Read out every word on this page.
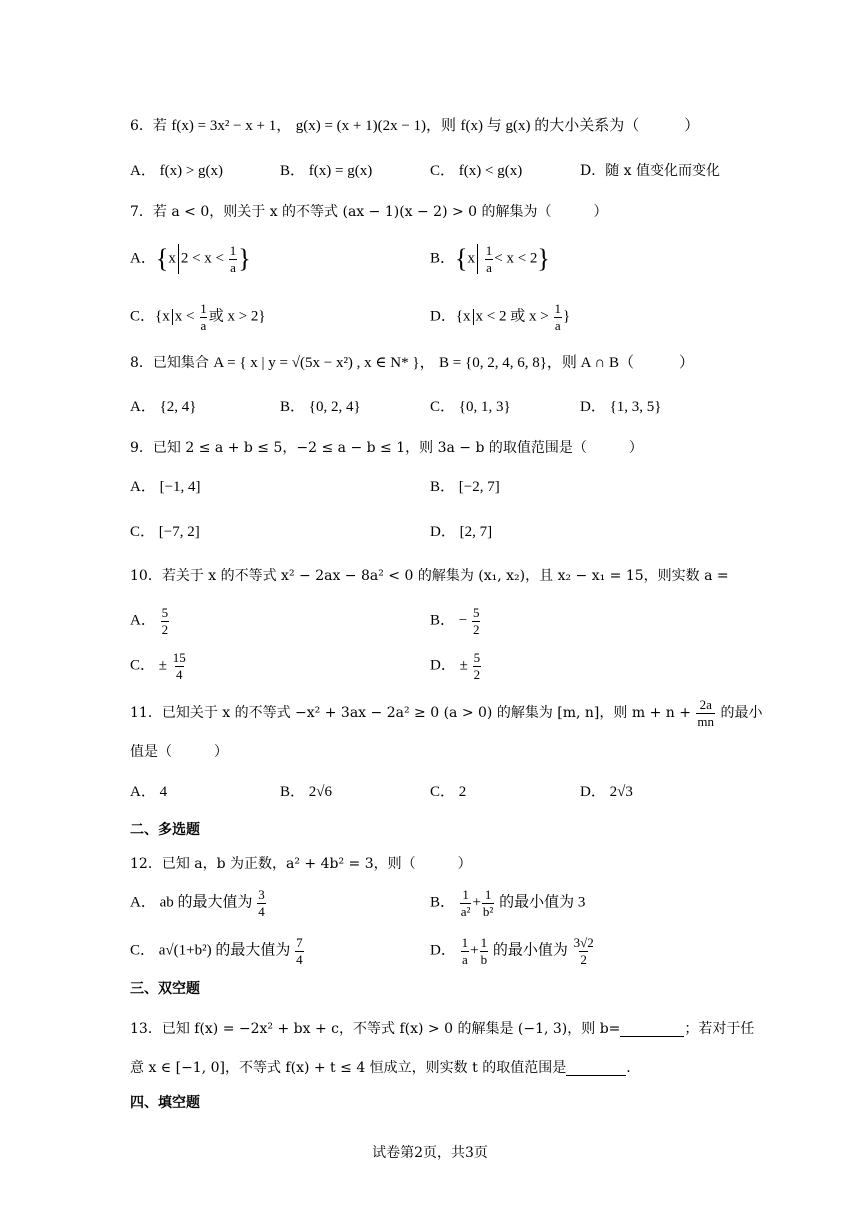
6．若 f(x) = 3x² − x + 1， g(x) = (x + 1)(2x − 1)，则 f(x) 与 g(x) 的大小关系为（　　　）
A． f(x) > g(x)	B． f(x) = g(x)	C． f(x) < g(x)	D．随 x 值变化而变化
7．若 a < 0，则关于 x 的不等式 (ax − 1)(x − 2) > 0 的解集为（　　　）
A．{x $2 < x < \frac{1}{a}$ }	B．$\{x \frac{1}{a} < x < 2\}$
C．{x $x < \frac{1}{a}$ 或 x > 2}	D．{x x < 2 或 $x > \frac{1}{a}$ }
8．已知集合 A = { x | y = √(5x − x²) , x ∈ N* }， B = {0, 2, 4, 6, 8}，则 A ∩ B（　　　）
A． {2, 4}	B． {0, 2, 4}	C． {0, 1, 3}	D． {1, 3, 5}
9．已知 2 ≤ a + b ≤ 5，−2 ≤ a − b ≤ 1，则 3a − b 的取值范围是（　　　）
A． [−1, 4]	B． [−2, 7]
C． [−7, 2]	D． [2, 7]
10．若关于 x 的不等式 x² − 2ax − 8a² < 0 的解集为 (x₁, x₂)，且 x₂ − x₁ = 15，则实数 a =
A． $\frac{5}{2}$	B． − $\frac{5}{2}$
C． ± $\frac{15}{4}$	D． ± $\frac{5}{2}$
11．已知关于 x 的不等式 −x² + 3ax − 2a² ≥ 0 (a > 0) 的解集为 [m, n]，则 $m + n + \frac{2a}{mn}$ 的最小
值是（　　　）
A． 4	B． 2√6	C． 2	D． 2√3
二、多选题
12．已知 a，b 为正数，a² + 4b² = 3，则（　　　）
A． ab 的最大值为 $\frac{3}{4}$	B． $\frac{1}{\text{a²}} + \frac{1}{\text{b²}}$ 的最小值为 3
C． a√(1+b²) 的最大值为 $\frac{7}{4}$	D． $\frac{1}{a} + \frac{1}{b}$ 的最小值为 $\frac{3√2}{2}$
三、双空题
13．已知 f(x) = −2x² + bx + c，不等式 f(x) > 0 的解集是 (−1, 3)，则 b=	；若对于任
意 x ∈ [−1, 0]，不等式 f(x) + t ≤ 4 恒成立，则实数 t 的取值范围是	.
四、填空题
试卷第2页，共3页
